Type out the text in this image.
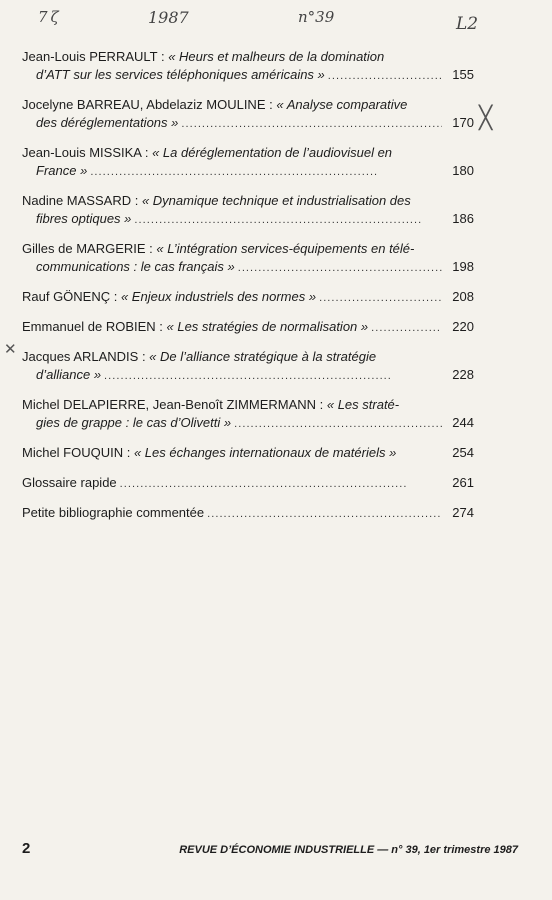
7 ζ	1987	n°39	L2
Jean-Louis PERRAULT : « Heurs et malheurs de la domination
d’ATT sur les services téléphoniques américains » . . .	155
Jocelyne BARREAU, Abdelaziz MOULINE : « Analyse comparative
des déréglementations » . . .	170
Jean-Louis MISSIKA : « La déréglementation de l’audiovisuel en
France » . . .	180
Nadine MASSARD : « Dynamique technique et industrialisation des
fibres optiques » . . .	186
Gilles de MARGERIE : « L’intégration services-équipements en télé-
communications : le cas français » . . .	198
Rauf GÖNENÇ : « Enjeux industriels des normes » . . .	208
Emmanuel de ROBIEN : « Les stratégies de normalisation » . . .	220
Jacques ARLANDIS : « De l’alliance stratégique à la stratégie
d’alliance » . . .	228
Michel DELAPIERRE, Jean-Benoît ZIMMERMANN : « Les straté-
gies de grappe : le cas d’Olivetti » . . .	244
Michel FOUQUIN : « Les échanges internationaux de matériels »	254
Glossaire rapide . . .	261
Petite bibliographie commentée . . .	274
╳
✕
2	REVUE D’ÉCONOMIE INDUSTRIELLE — n° 39, 1er trimestre 1987
